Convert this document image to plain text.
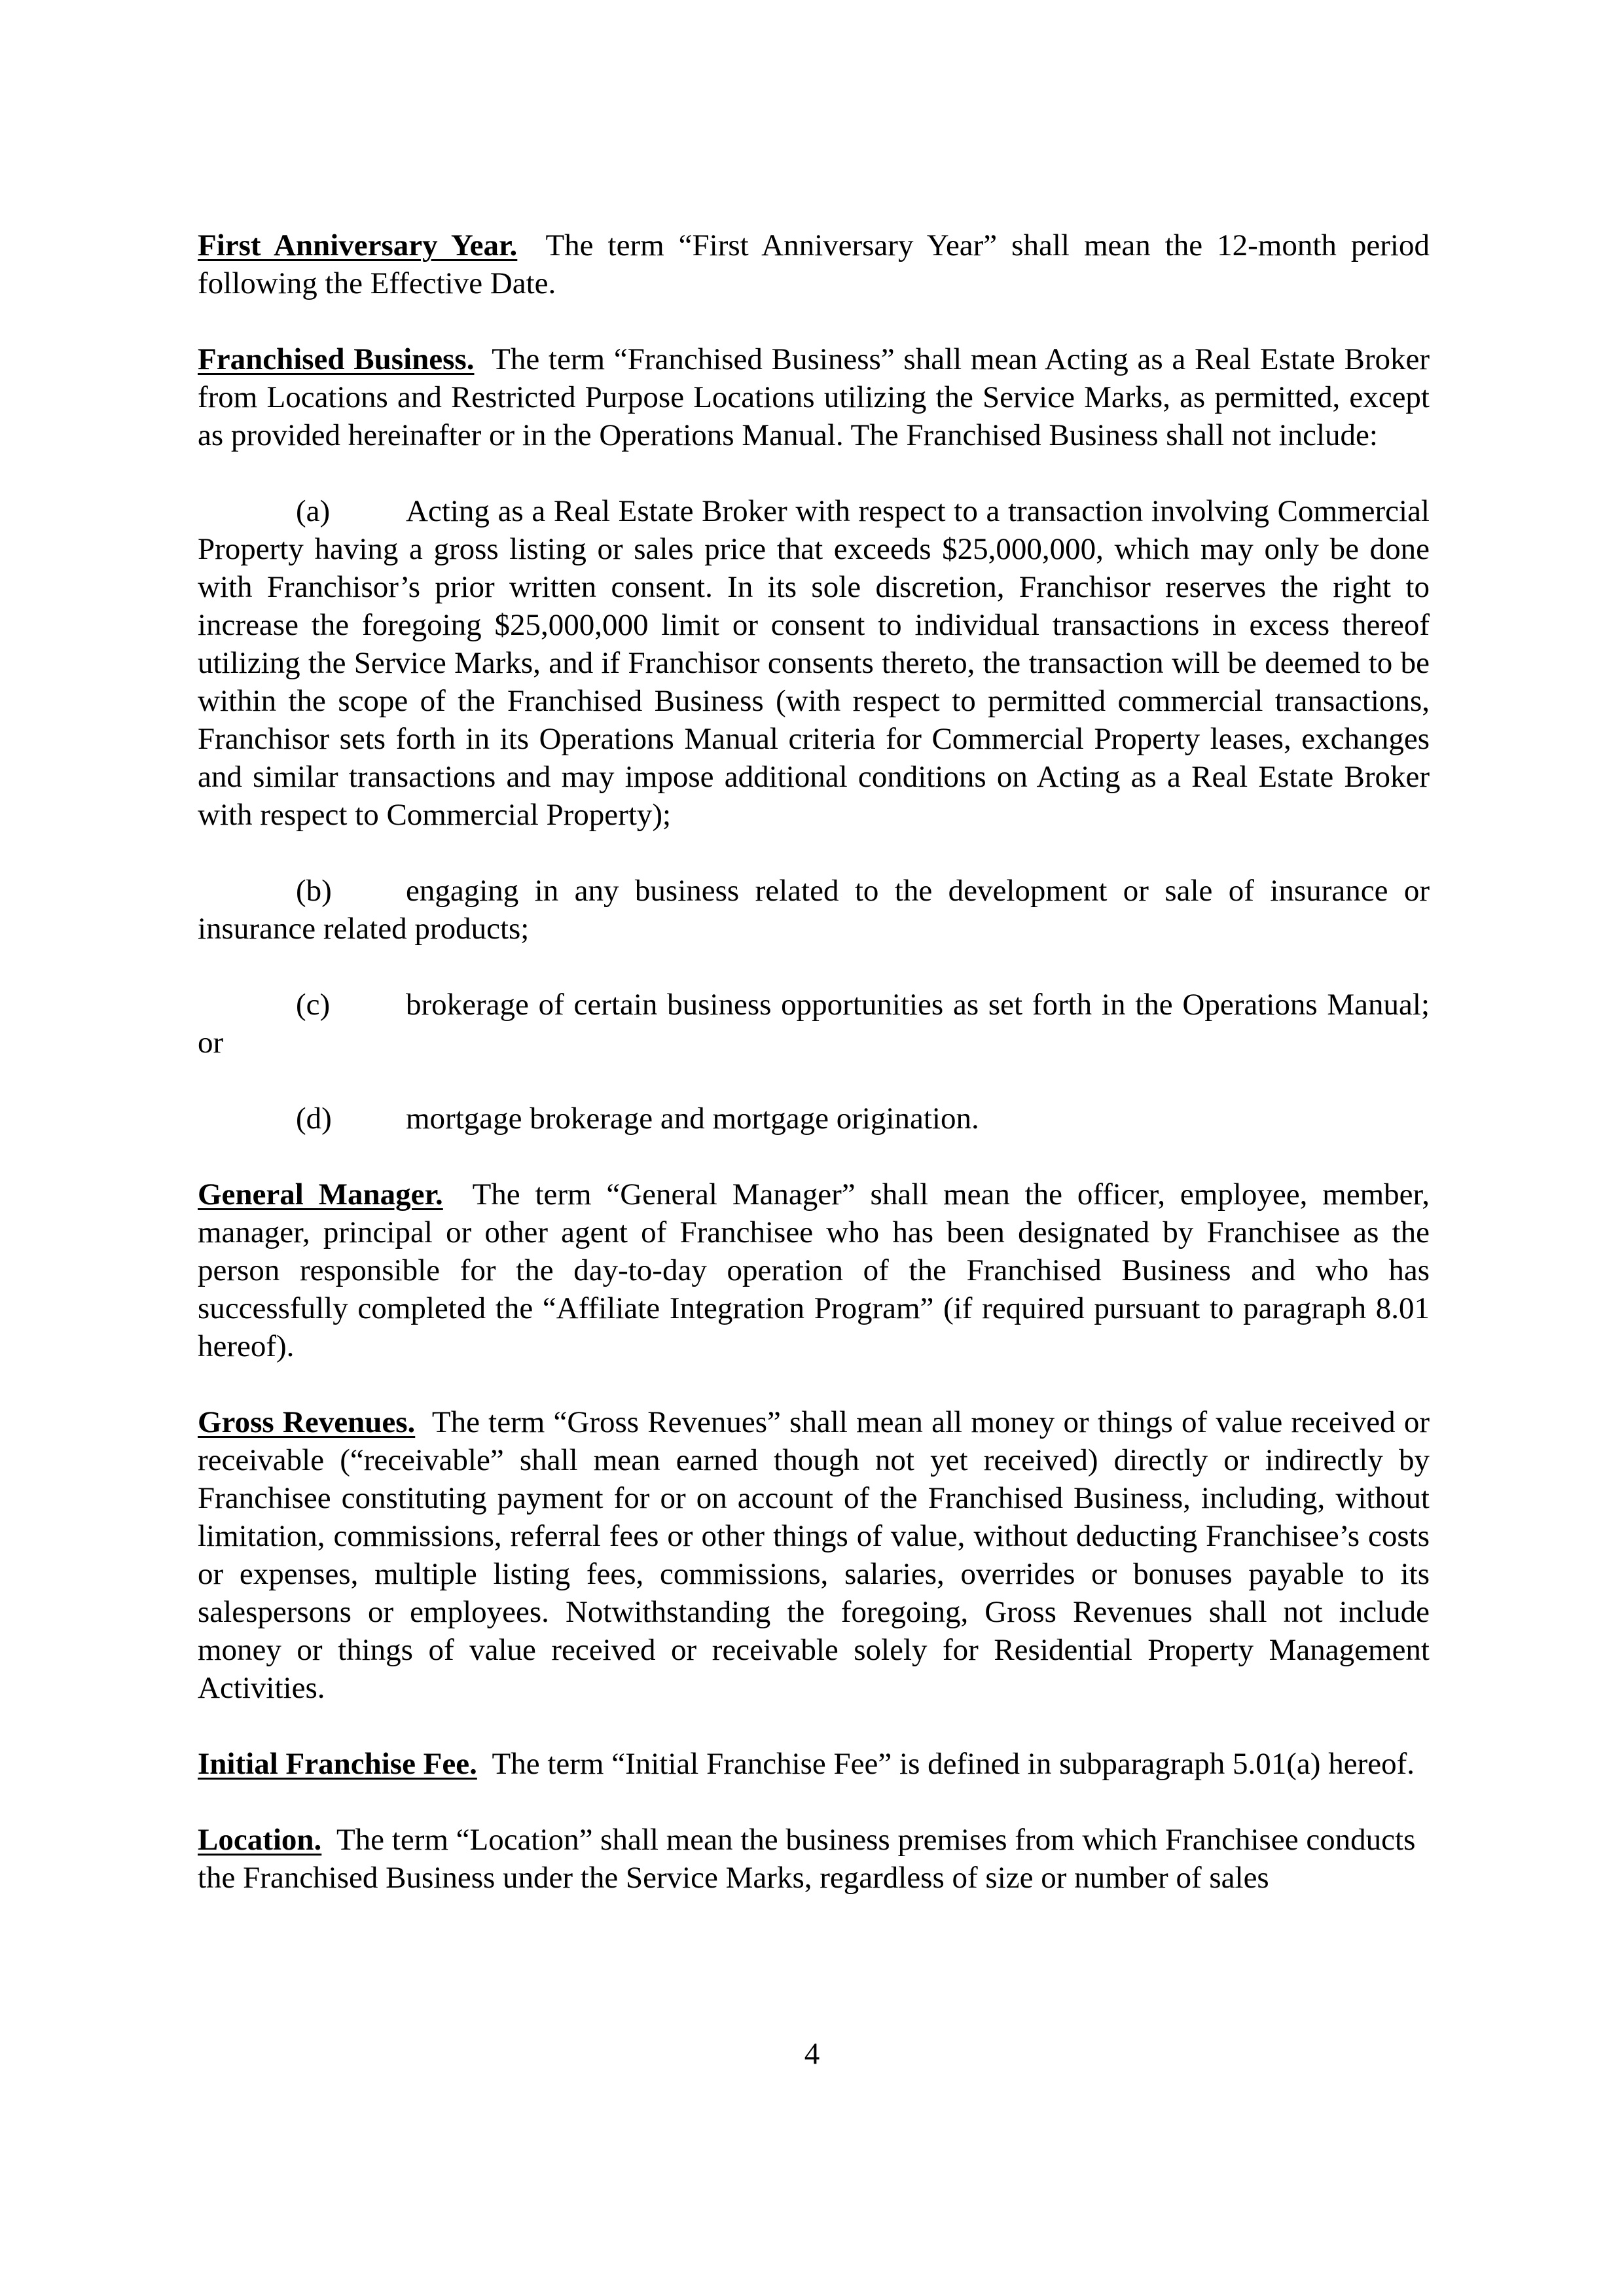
First Anniversary Year. The term “First Anniversary Year” shall mean the 12-month period following the Effective Date.

Franchised Business. The term “Franchised Business” shall mean Acting as a Real Estate Broker from Locations and Restricted Purpose Locations utilizing the Service Marks, as permitted, except as provided hereinafter or in the Operations Manual. The Franchised Business shall not include:

(a) Acting as a Real Estate Broker with respect to a transaction involving Commercial Property having a gross listing or sales price that exceeds $25,000,000, which may only be done with Franchisor’s prior written consent. In its sole discretion, Franchisor reserves the right to increase the foregoing $25,000,000 limit or consent to individual transactions in excess thereof utilizing the Service Marks, and if Franchisor consents thereto, the transaction will be deemed to be within the scope of the Franchised Business (with respect to permitted commercial transactions, Franchisor sets forth in its Operations Manual criteria for Commercial Property leases, exchanges and similar transactions and may impose additional conditions on Acting as a Real Estate Broker with respect to Commercial Property);

(b) engaging in any business related to the development or sale of insurance or insurance related products;

(c) brokerage of certain business opportunities as set forth in the Operations Manual; or

(d) mortgage brokerage and mortgage origination.

General Manager. The term “General Manager” shall mean the officer, employee, member, manager, principal or other agent of Franchisee who has been designated by Franchisee as the person responsible for the day-to-day operation of the Franchised Business and who has successfully completed the “Affiliate Integration Program” (if required pursuant to paragraph 8.01 hereof).

Gross Revenues. The term “Gross Revenues” shall mean all money or things of value received or receivable (“receivable” shall mean earned though not yet received) directly or indirectly by Franchisee constituting payment for or on account of the Franchised Business, including, without limitation, commissions, referral fees or other things of value, without deducting Franchisee’s costs or expenses, multiple listing fees, commissions, salaries, overrides or bonuses payable to its salespersons or employees. Notwithstanding the foregoing, Gross Revenues shall not include money or things of value received or receivable solely for Residential Property Management Activities.

Initial Franchise Fee. The term “Initial Franchise Fee” is defined in subparagraph 5.01(a) hereof.

Location. The term “Location” shall mean the business premises from which Franchisee conducts the Franchised Business under the Service Marks, regardless of size or number of sales

4
